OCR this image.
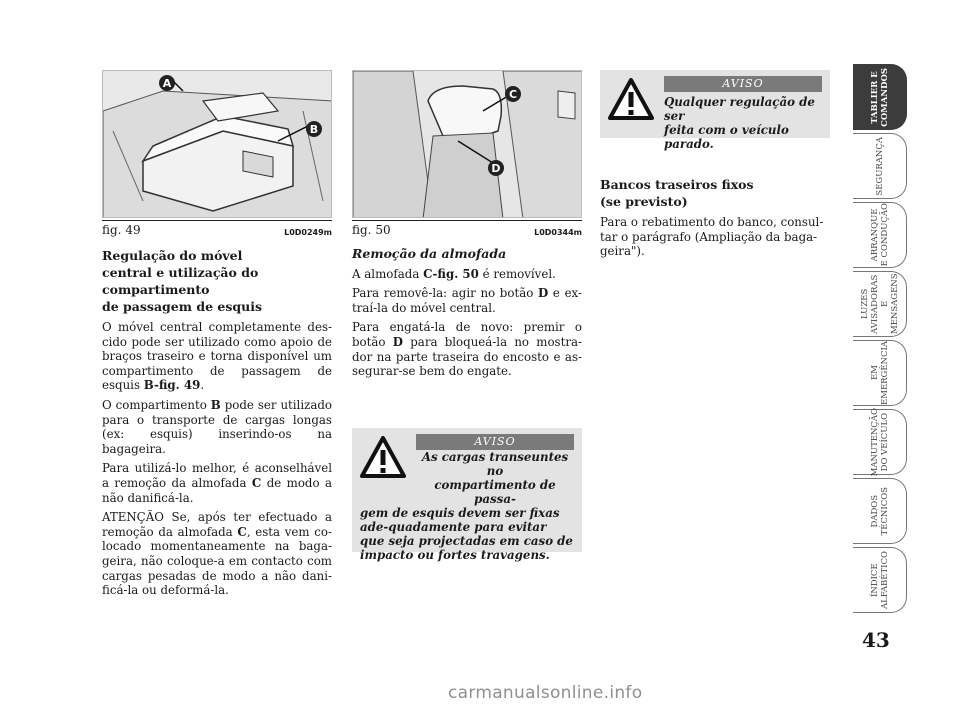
A
B
fig. 49	L0D0249m
Regulação do móvel
central e utilização do
compartimento
de passagem de esquis

O móvel central completamente des-cido pode ser utilizado como apoio de braços traseiro e torna disponível um compartimento de passagem de esquis B-fig. 49.

O compartimento B pode ser utilizado para o transporte de cargas longas (ex: esquis) inserindo-os na bagageira.

Para utilizá-lo melhor, é aconselhável a remoção da almofada C de modo a não danificá-la.

ATENÇÃO Se, após ter efectuado a remoção da almofada C, esta vem co-locado momentaneamente na baga-geira, não coloque-a em contacto com cargas pesadas de modo a não dani-ficá-la ou deformá-la.

C
D
fig. 50	L0D0344m

Remoção da almofada

A almofada C-fig. 50 é removível.

Para removê-la: agir no botão D e ex-traí-la do móvel central.

Para engatá-la de novo: premir o botão D para bloqueá-la no mostra-dor na parte traseira do encosto e as-segurar-se bem do engate.

AVISO
As cargas transeuntes no
compartimento de passa-
gem de esquis devem ser fixas ade-quadamente para evitar que seja projectadas em caso de impacto ou fortes travagens.
AVISO
Qualquer regulação de ser
feita com o veículo parado.
Bancos traseiros fixos
(se previsto)

Para o rebatimento do banco, consul-tar o parágrafo (Ampliação da baga-geira").

TABLIER E
COMANDOS
SEGURANÇA
ARRANQUE
E CONDUÇÃO
LUZES
AVISADORAS
E MENSAGENS
EM
EMERGÊNCIA
MANUTENÇÃO
DO VEÍCULO
DADOS
TÉCNICOS
ÍNDICE
ALFABÉTICO
43
carmanualsonline.info
